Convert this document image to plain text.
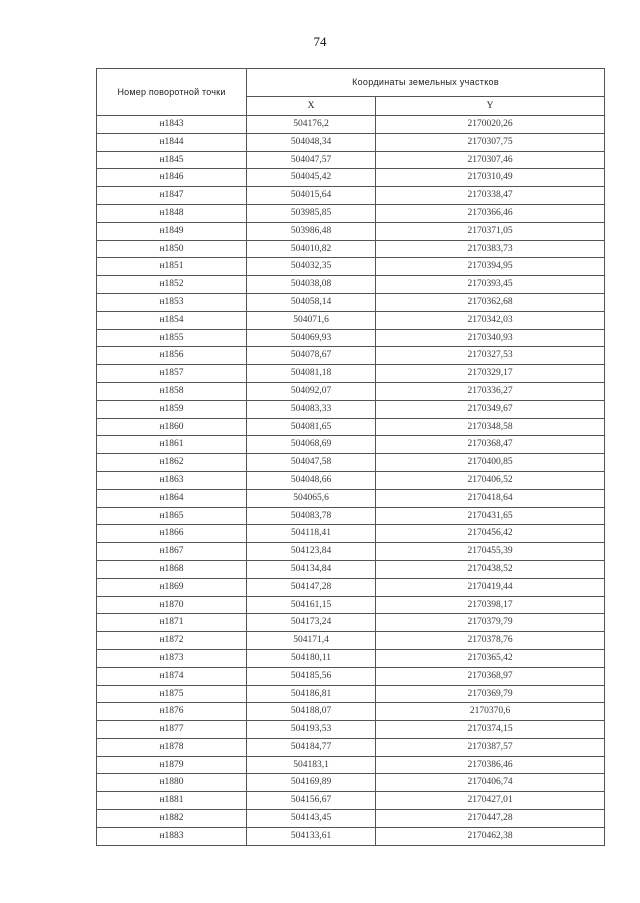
74
Номер поворотной точки	Координаты земельных участков	
	X	Y
н1843	504176,2	2170020,26
н1844	504048,34	2170307,75
н1845	504047,57	2170307,46
н1846	504045,42	2170310,49
н1847	504015,64	2170338,47
н1848	503985,85	2170366,46
н1849	503986,48	2170371,05
н1850	504010,82	2170383,73
н1851	504032,35	2170394,95
н1852	504038,08	2170393,45
н1853	504058,14	2170362,68
н1854	504071,6	2170342,03
н1855	504069,93	2170340,93
н1856	504078,67	2170327,53
н1857	504081,18	2170329,17
н1858	504092,07	2170336,27
н1859	504083,33	2170349,67
н1860	504081,65	2170348,58
н1861	504068,69	2170368,47
н1862	504047,58	2170400,85
н1863	504048,66	2170406,52
н1864	504065,6	2170418,64
н1865	504083,78	2170431,65
н1866	504118,41	2170456,42
н1867	504123,84	2170455,39
н1868	504134,84	2170438,52
н1869	504147,28	2170419,44
н1870	504161,15	2170398,17
н1871	504173,24	2170379,79
н1872	504171,4	2170378,76
н1873	504180,11	2170365,42
н1874	504185,56	2170368,97
н1875	504186,81	2170369,79
н1876	504188,07	2170370,6
н1877	504193,53	2170374,15
н1878	504184,77	2170387,57
н1879	504183,1	2170386,46
н1880	504169,89	2170406,74
н1881	504156,67	2170427,01
н1882	504143,45	2170447,28
н1883	504133,61	2170462,38
